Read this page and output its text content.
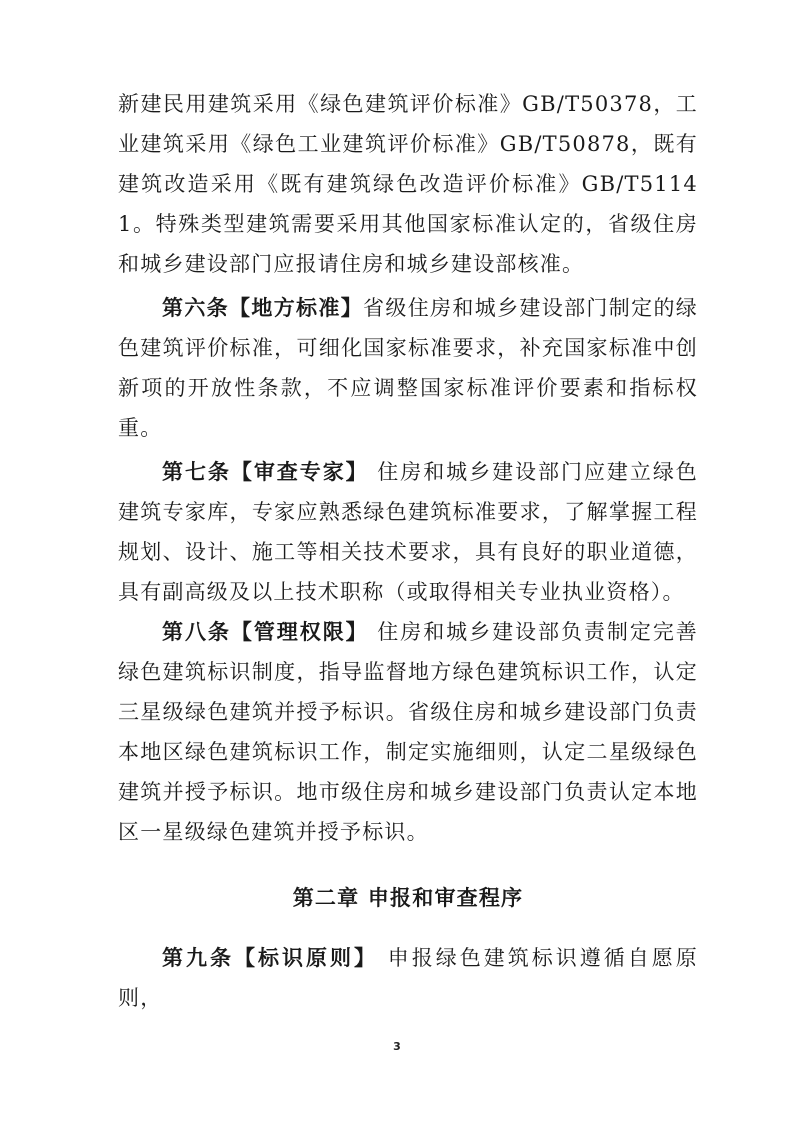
新建民用建筑采用《绿色建筑评价标准》GB/T50378，工业建筑采用《绿色工业建筑评价标准》GB/T50878，既有建筑改造采用《既有建筑绿色改造评价标准》GB/T51141。特殊类型建筑需要采用其他国家标准认定的，省级住房和城乡建设部门应报请住房和城乡建设部核准。

第六条【地方标准】省级住房和城乡建设部门制定的绿色建筑评价标准，可细化国家标准要求，补充国家标准中创新项的开放性条款，不应调整国家标准评价要素和指标权重。

第七条【审查专家】 住房和城乡建设部门应建立绿色建筑专家库，专家应熟悉绿色建筑标准要求，了解掌握工程规划、设计、施工等相关技术要求，具有良好的职业道德，具有副高级及以上技术职称（或取得相关专业执业资格）。

第八条【管理权限】 住房和城乡建设部负责制定完善绿色建筑标识制度，指导监督地方绿色建筑标识工作，认定三星级绿色建筑并授予标识。省级住房和城乡建设部门负责本地区绿色建筑标识工作，制定实施细则，认定二星级绿色建筑并授予标识。地市级住房和城乡建设部门负责认定本地区一星级绿色建筑并授予标识。

第二章 申报和审查程序

第九条【标识原则】 申报绿色建筑标识遵循自愿原则，

3
